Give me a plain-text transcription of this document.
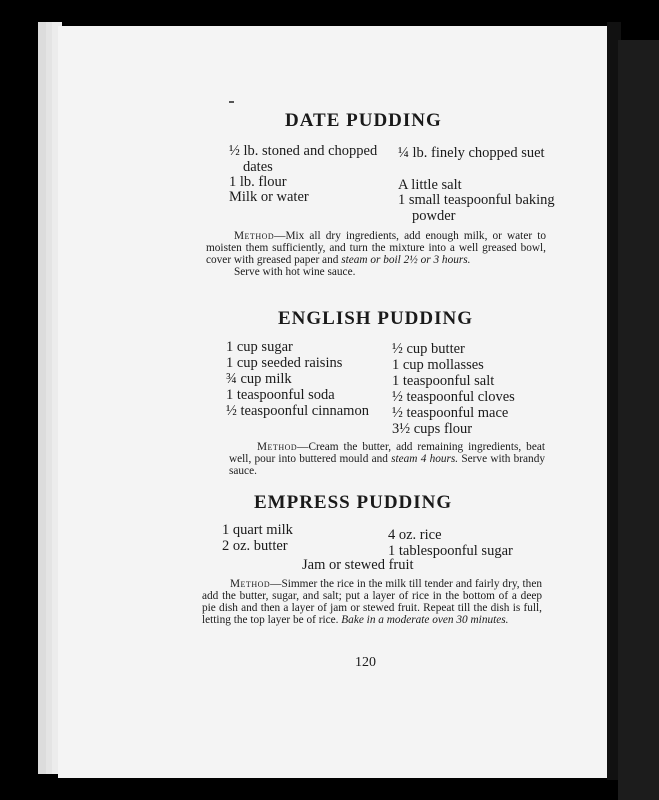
DATE PUDDING
½ lb. stoned and chopped dates
1 lb. flour
Milk or water
¼ lb. finely chopped suet
A little salt
1 small teaspoonful baking powder
Method—Mix all dry ingredients, add enough milk, or water to moisten them sufficiently, and turn the mixture into a well greased bowl, cover with greased paper and steam or boil 2½ or 3 hours.
Serve with hot wine sauce.
ENGLISH PUDDING
1 cup sugar
1 cup seeded raisins
¾ cup milk
1 teaspoonful soda
½ teaspoonful cinnamon
½ cup butter
1 cup mollasses
1 teaspoonful salt
½ teaspoonful cloves
½ teaspoonful mace
3½ cups flour
Method—Cream the butter, add remaining ingredients, beat well, pour into buttered mould and steam 4 hours. Serve with brandy sauce.
EMPRESS PUDDING
1 quart milk
2 oz. butter
4 oz. rice
1 tablespoonful sugar
Jam or stewed fruit
Method—Simmer the rice in the milk till tender and fairly dry, then add the butter, sugar, and salt; put a layer of rice in the bottom of a deep pie dish and then a layer of jam or stewed fruit. Repeat till the dish is full, letting the top layer be of rice. Bake in a moderate oven 30 minutes.
120
